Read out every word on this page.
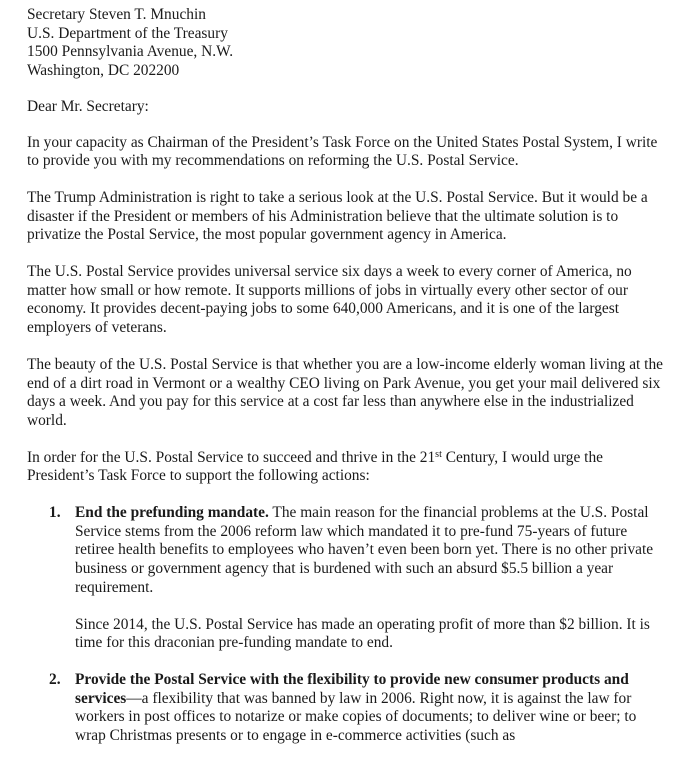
Secretary Steven T. Mnuchin
U.S. Department of the Treasury
1500 Pennsylvania Avenue, N.W.
Washington, DC 202200
Dear Mr. Secretary:

In your capacity as Chairman of the President’s Task Force on the United States Postal System, I write to provide you with my recommendations on reforming the U.S. Postal Service.

The Trump Administration is right to take a serious look at the U.S. Postal Service. But it would be a disaster if the President or members of his Administration believe that the ultimate solution is to privatize the Postal Service, the most popular government agency in America.

The U.S. Postal Service provides universal service six days a week to every corner of America, no matter how small or how remote. It supports millions of jobs in virtually every other sector of our economy. It provides decent-paying jobs to some 640,000 Americans, and it is one of the largest employers of veterans.

The beauty of the U.S. Postal Service is that whether you are a low-income elderly woman living at the end of a dirt road in Vermont or a wealthy CEO living on Park Avenue, you get your mail delivered six days a week. And you pay for this service at a cost far less than anywhere else in the industrialized world.

In order for the U.S. Postal Service to succeed and thrive in the 21st Century, I would urge the President’s Task Force to support the following actions:

1. End the prefunding mandate. The main reason for the financial problems at the U.S. Postal Service stems from the 2006 reform law which mandated it to pre-fund 75-years of future retiree health benefits to employees who haven’t even been born yet. There is no other private business or government agency that is burdened with such an absurd $5.5 billion a year requirement.
Since 2014, the U.S. Postal Service has made an operating profit of more than $2 billion. It is time for this draconian pre-funding mandate to end.
2. Provide the Postal Service with the flexibility to provide new consumer products and services—a flexibility that was banned by law in 2006. Right now, it is against the law for workers in post offices to notarize or make copies of documents; to deliver wine or beer; to wrap Christmas presents or to engage in e-commerce activities (such as
